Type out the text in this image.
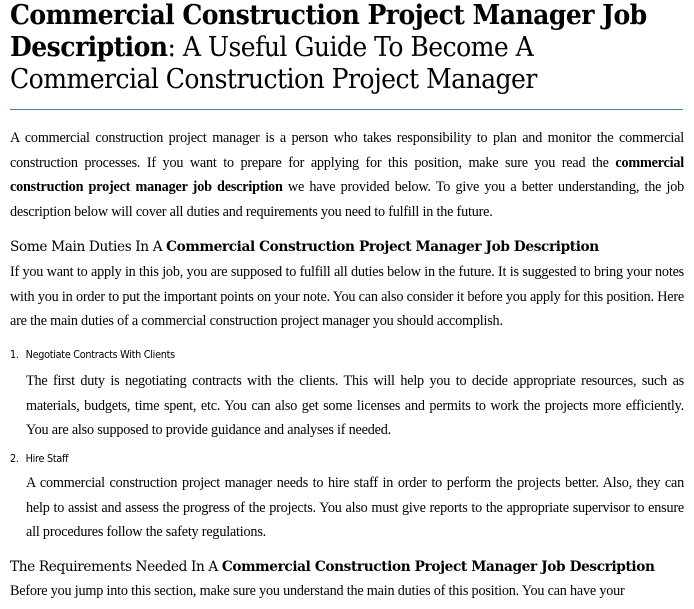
Commercial Construction Project Manager Job Description: A Useful Guide To Become A Commercial Construction Project Manager

A commercial construction project manager is a person who takes responsibility to plan and monitor the commercial construction processes. If you want to prepare for applying for this position, make sure you read the commercial construction project manager job description we have provided below. To give you a better understanding, the job description below will cover all duties and requirements you need to fulfill in the future.

Some Main Duties In A Commercial Construction Project Manager Job Description

If you want to apply in this job, you are supposed to fulfill all duties below in the future. It is suggested to bring your notes with you in order to put the important points on your note. You can also consider it before you apply for this position. Here are the main duties of a commercial construction project manager you should accomplish.

1. Negotiate Contracts With Clients

The first duty is negotiating contracts with the clients. This will help you to decide appropriate resources, such as materials, budgets, time spent, etc. You can also get some licenses and permits to work the projects more efficiently. You are also supposed to provide guidance and analyses if needed.

2. Hire Staff

A commercial construction project manager needs to hire staff in order to perform the projects better. Also, they can help to assist and assess the progress of the projects. You also must give reports to the appropriate supervisor to ensure all procedures follow the safety regulations.

The Requirements Needed In A Commercial Construction Project Manager Job Description

Before you jump into this section, make sure you understand the main duties of this position. You can have your
